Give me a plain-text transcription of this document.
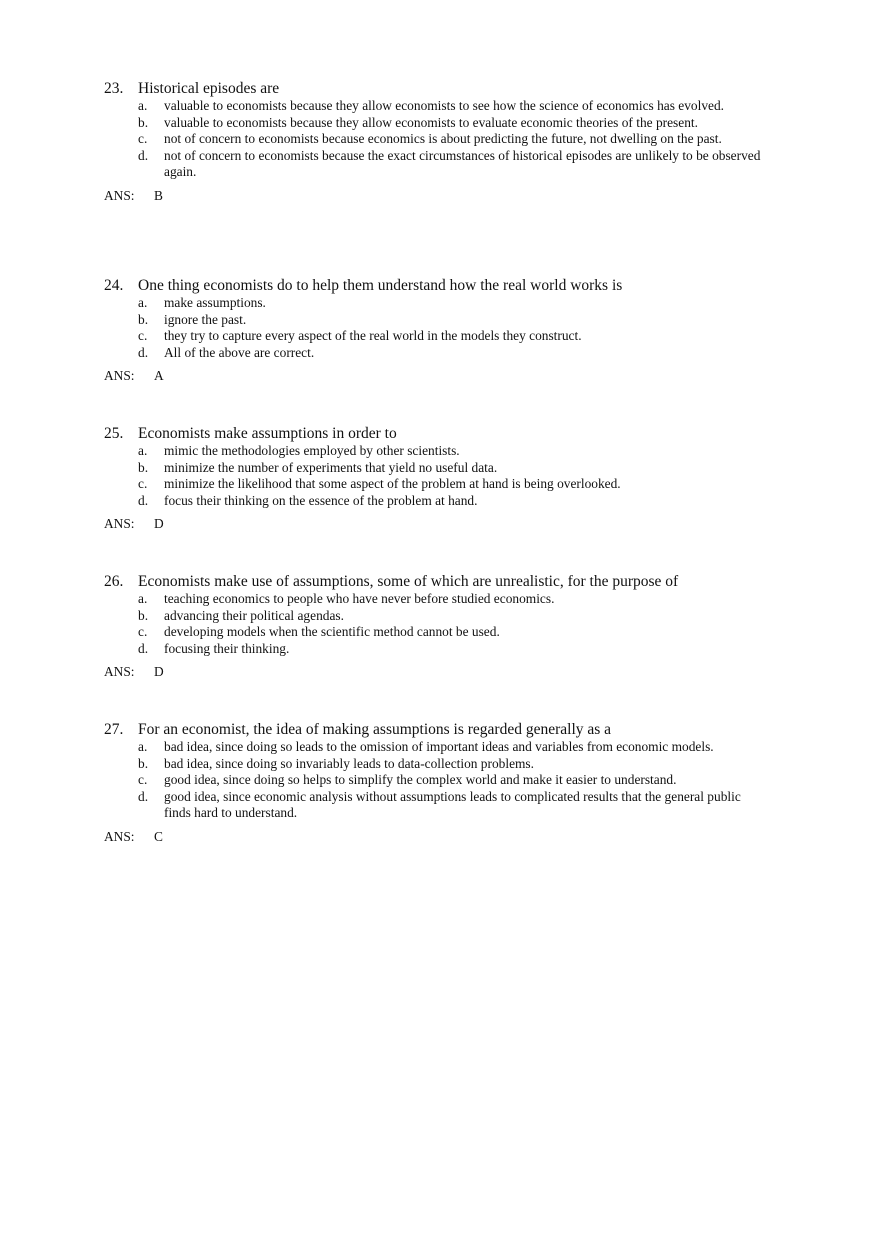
23. Historical episodes are
a.	valuable to economists because they allow economists to see how the science of economics has evolved.
b.	valuable to economists because they allow economists to evaluate economic theories of the present.
c.	not of concern to economists because economics is about predicting the future, not dwelling on the past.
d.	not of concern to economists because the exact circumstances of historical episodes are unlikely to be observed again.
ANS:	B
24. One thing economists do to help them understand how the real world works is
a.	make assumptions.
b.	ignore the past.
c.	they try to capture every aspect of the real world in the models they construct.
d.	All of the above are correct.
ANS:	A
25. Economists make assumptions in order to
a.	mimic the methodologies employed by other scientists.
b.	minimize the number of experiments that yield no useful data.
c.	minimize the likelihood that some aspect of the problem at hand is being overlooked.
d.	focus their thinking on the essence of the problem at hand.
ANS:	D
26. Economists make use of assumptions, some of which are unrealistic, for the purpose of
a.	teaching economics to people who have never before studied economics.
b.	advancing their political agendas.
c.	developing models when the scientific method cannot be used.
d.	focusing their thinking.
ANS:	D
27. For an economist, the idea of making assumptions is regarded generally as a
a.	bad idea, since doing so leads to the omission of important ideas and variables from economic models.
b.	bad idea, since doing so invariably leads to data-collection problems.
c.	good idea, since doing so helps to simplify the complex world and make it easier to understand.
d.	good idea, since economic analysis without assumptions leads to complicated results that the general public finds hard to understand.
ANS:	C
